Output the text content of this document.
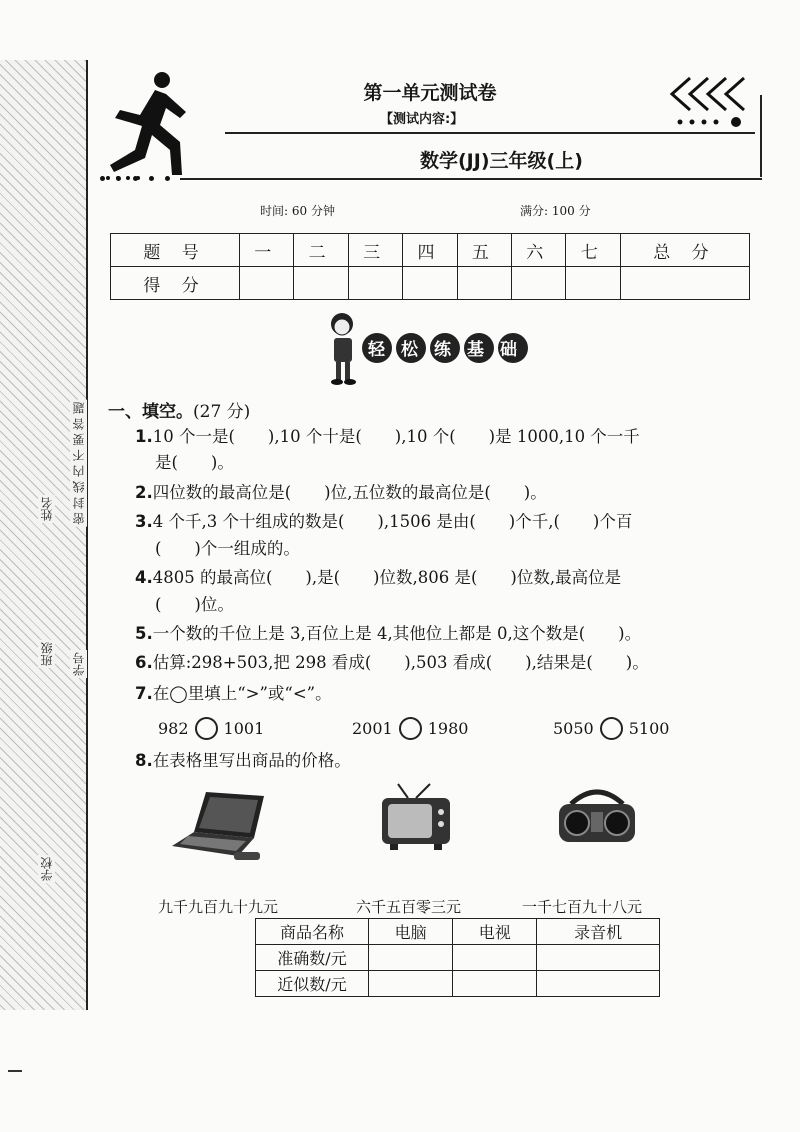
密 封 线 内 不 要 答 题
姓名
班级
学校
学号
第一单元测试卷
【测试内容:】
数学(JJ)三年级(上)
时间: 60 分钟	满分: 100 分
题 号	一	二	三	四	五	六	七	总 分
得 分								
轻松练基础
一、填空。(27 分)
1.10 个一是(　　),10 个十是(　　),10 个(　　)是 1000,10 个一千
是(　　)。
2.四位数的最高位是(　　)位,五位数的最高位是(　　)。
3.4 个千,3 个十组成的数是(　　),1506 是由(　　)个千,(　　)个百
(　　)个一组成的。
4.4805 的最高位(　　),是(　　)位数,806 是(　　)位数,最高位是
(　　)位。
5.一个数的千位上是 3,百位上是 4,其他位上都是 0,这个数是(　　)。
6.估算:298+503,把 298 看成(　　),503 看成(　　),结果是(　　)。
7.在◯里填上“>”或“<”。
982 1001	2001 1980	5050 5100
8.在表格里写出商品的价格。
九千九百九十九元	六千五百零三元	一千七百九十八元
商品名称	电脑	电视	录音机
准确数/元			
近似数/元			
